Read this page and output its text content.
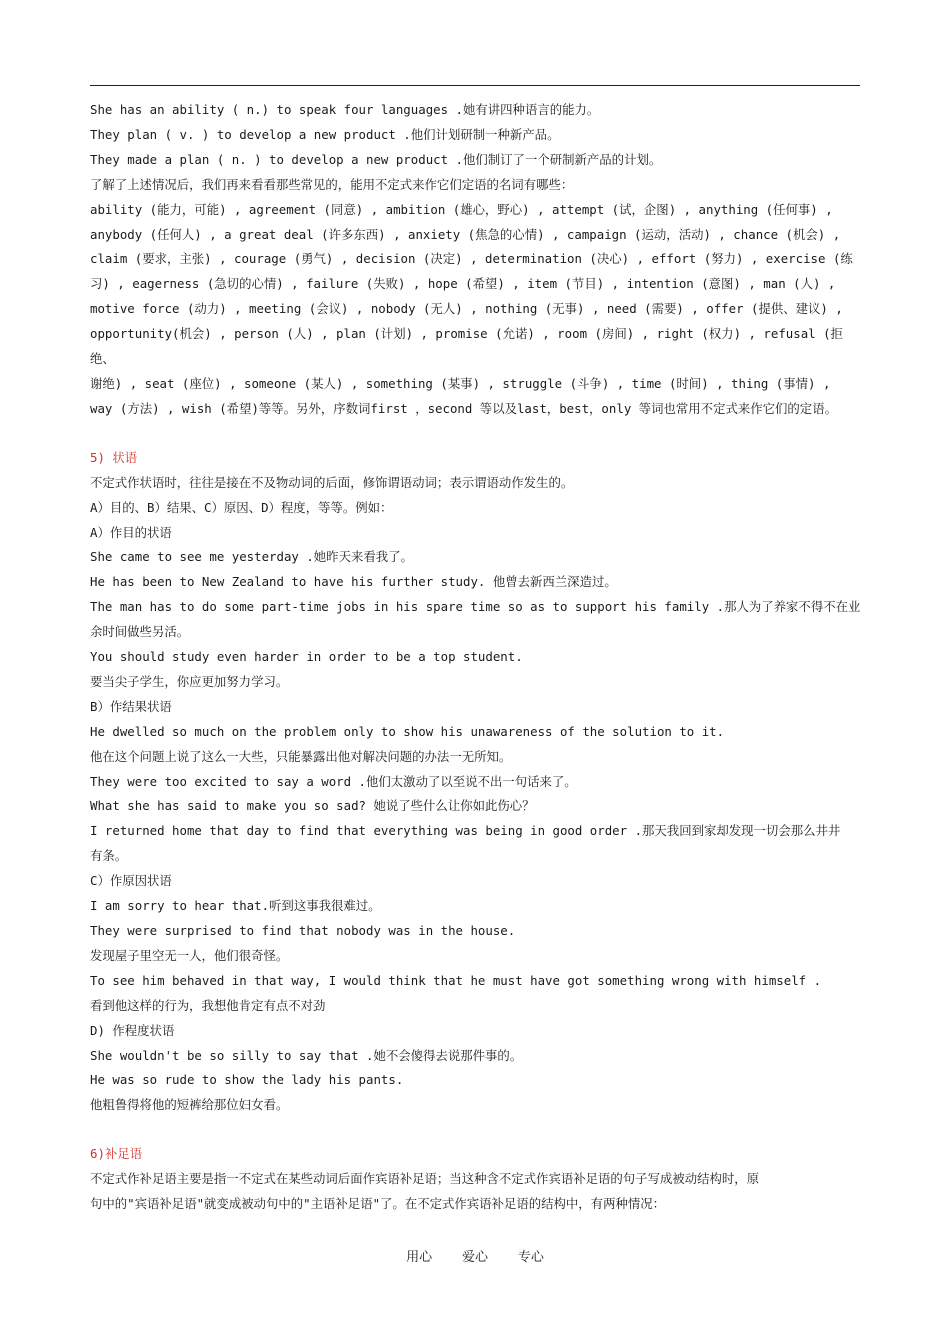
She has an ability ( n.) to speak four languages .她有讲四种语言的能力。
They plan ( v. ) to develop a new product .他们计划研制一种新产品。
They made a plan ( n. ) to develop a new product .他们制订了一个研制新产品的计划。
了解了上述情况后，我们再来看看那些常见的，能用不定式来作它们定语的名词有哪些：
ability (能力，可能) , agreement (同意) , ambition (雄心，野心) , attempt (试，企图) , anything (任何事) ,
anybody (任何人) , a great deal (许多东西) , anxiety (焦急的心情) , campaign (运动，活动) , chance (机会) ,
claim (要求，主张) , courage (勇气) , decision (决定) , determination (决心) , effort (努力) , exercise (练
习) , eagerness (急切的心情) , failure (失败) , hope (希望) , item (节目) , intention (意图) , man (人) ,
motive force (动力) , meeting (会议) , nobody (无人) , nothing (无事) , need (需要) , offer (提供、建议) ,
opportunity(机会) , person (人) , plan (计划) , promise (允诺) , room (房间) , right (权力) , refusal (拒绝、
谢绝) , seat (座位) , someone (某人) , something (某事) , struggle (斗争) , time (时间) , thing (事情) ,
way (方法) , wish (希望)等等。另外，序数词first ，second 等以及last，best，only 等词也常用不定式来作它们的定语。
5) 状语
不定式作状语时，往往是接在不及物动词的后面，修饰谓语动词；表示谓语动作发生的。
A）目的、B）结果、C）原因、D）程度，等等。例如：
A）作目的状语
She came to see me yesterday .她昨天来看我了。
He has been to New Zealand to have his further study. 他曾去新西兰深造过。
The man has to do some part-time jobs in his spare time so as to support his family .那人为了养家不得不在业
余时间做些另活。
You should study even harder in order to be a top student.
要当尖子学生，你应更加努力学习。
B）作结果状语
He dwelled so much on the problem only to show his unawareness of the solution to it.
他在这个问题上说了这么一大些，只能暴露出他对解决问题的办法一无所知。
They were too excited to say a word .他们太激动了以至说不出一句话来了。
What she has said to make you so sad? 她说了些什么让你如此伤心？
I returned home that day to find that everything was being in good order .那天我回到家却发现一切会那么井井
有条。
C）作原因状语
I am sorry to hear that.听到这事我很难过。
They were surprised to find that nobody was in the house.
发现屋子里空无一人，他们很奇怪。
To see him behaved in that way, I would think that he must have got something wrong with himself .
看到他这样的行为，我想他肯定有点不对劲
D) 作程度状语
She wouldn't be so silly to say that .她不会傻得去说那件事的。
He was so rude to show the lady his pants.
他粗鲁得将他的短裤给那位妇女看。
6)补足语
不定式作补足语主要是指一不定式在某些动词后面作宾语补足语；当这种含不定式作宾语补足语的句子写成被动结构时，原
句中的"宾语补足语"就变成被动句中的"主语补足语"了。在不定式作宾语补足语的结构中，有两种情况：
用心 爱心 专心
